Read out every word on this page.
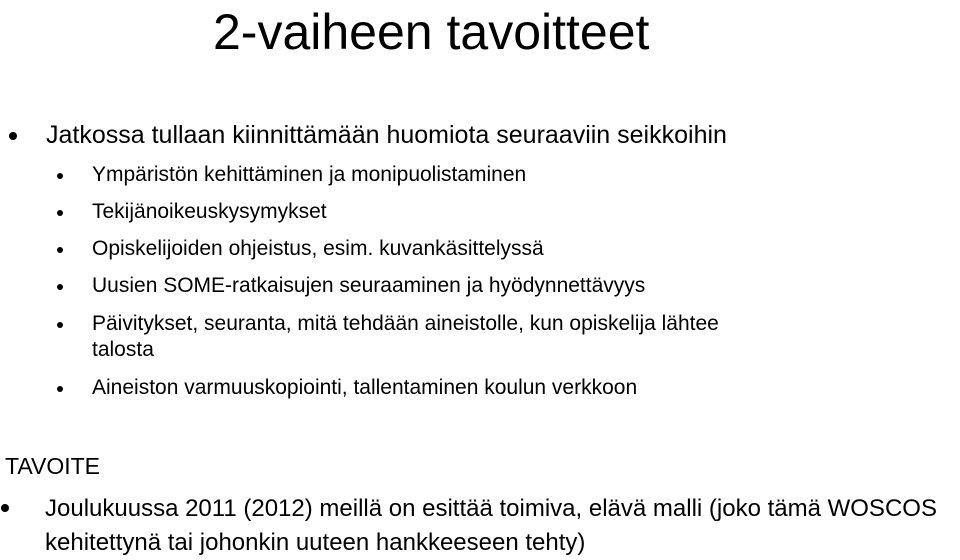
2-vaiheen tavoitteet
Jatkossa tullaan kiinnittämään huomiota seuraaviin seikkoihin
Ympäristön kehittäminen ja monipuolistaminen
Tekijänoikeuskysymykset
Opiskelijoiden ohjeistus, esim. kuvankäsittelyssä
Uusien SOME-ratkaisujen seuraaminen ja hyödynnettävyys
Päivitykset, seuranta, mitä tehdään aineistolle, kun opiskelija lähtee
talosta
Aineiston varmuuskopiointi, tallentaminen koulun verkkoon
TAVOITE
Joulukuussa 2011 (2012) meillä on esittää toimiva, elävä malli (joko tämä WOSCOS kehitettynä tai johonkin uuteen hankkeeseen tehty)
